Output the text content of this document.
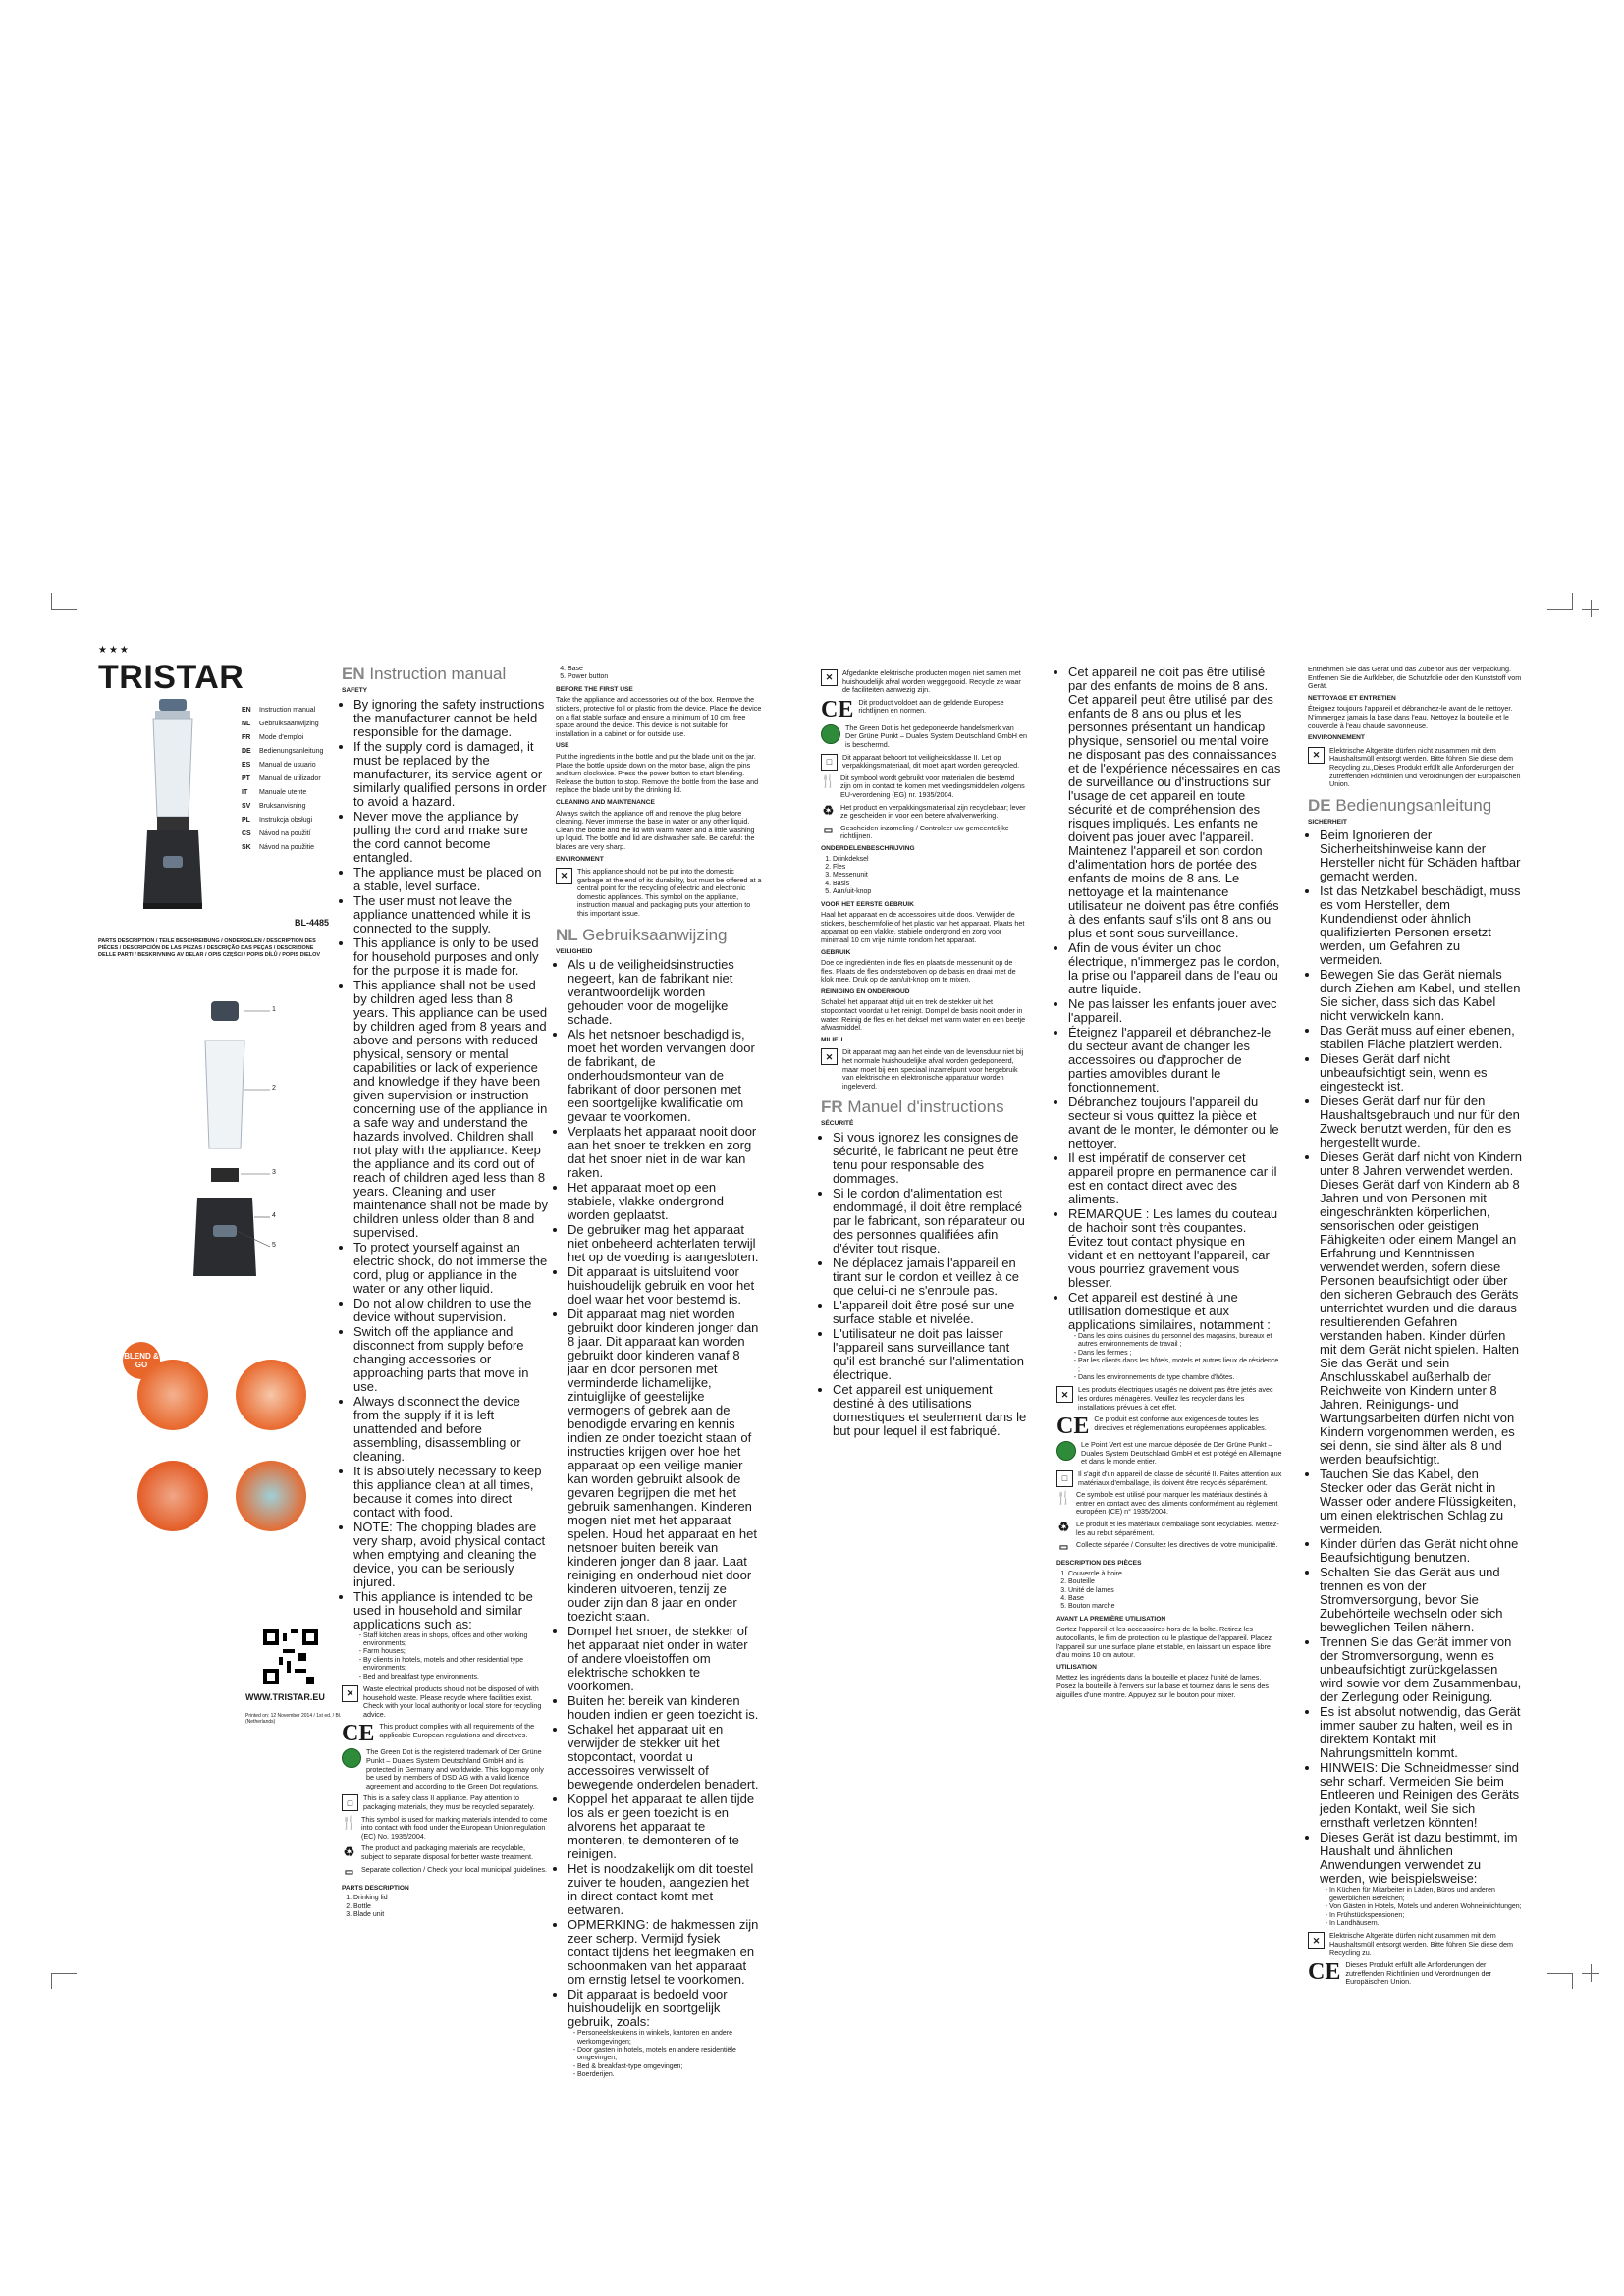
★★★
TRISTAR
BL-4485
EN	Instruction manual
NL	Gebruiksaanwijzing
FR	Mode d'emploi
DE	Bedienungsanleitung
ES	Manual de usuario
PT	Manual de utilizador
IT	Manuale utente
SV	Bruksanvisning
PL	Instrukcja obsługi
CS	Návod na použití
SK	Návod na použitie
PARTS DESCRIPTION / TEILE BESCHREIBUNG / ONDERDELEN / DESCRIPTION DES PIÈCES / DESCRIPCIÓN DE LAS PIEZAS / DESCRIÇÃO DAS PEÇAS / DESCRIZIONE DELLE PARTI / BESKRIVNING AV DELAR / OPIS CZĘŚCI / POPIS DÍLŮ / POPIS DIELOV
1
2
3
4
5
BLEND & GO
WWW.TRISTAR.EU
Printed on: 12 November 2014 / 1st ed. / Bl. (Netherlands)
EN Instruction manual
SAFETY
• By ignoring the safety instructions the manufacturer cannot be held responsible for the damage.
• If the supply cord is damaged, it must be replaced by the manufacturer, its service agent or similarly qualified persons in order to avoid a hazard.
• Never move the appliance by pulling the cord and make sure the cord cannot become entangled.
• The appliance must be placed on a stable, level surface.
• The user must not leave the appliance unattended while it is connected to the supply.
• This appliance is only to be used for household purposes and only for the purpose it is made for.
• This appliance shall not be used by children aged less than 8 years. This appliance can be used by children aged from 8 years and above and persons with reduced physical, sensory or mental capabilities or lack of experience and knowledge if they have been given supervision or instruction concerning use of the appliance in a safe way and understand the hazards involved. Children shall not play with the appliance. Keep the appliance and its cord out of reach of children aged less than 8 years. Cleaning and user maintenance shall not be made by children unless older than 8 and supervised.
• To protect yourself against an electric shock, do not immerse the cord, plug or appliance in the water or any other liquid.
• Do not allow children to use the device without supervision.
• Switch off the appliance and disconnect from supply before changing accessories or approaching parts that move in use.
• Always disconnect the device from the supply if it is left unattended and before assembling, disassembling or cleaning.
• It is absolutely necessary to keep this appliance clean at all times, because it comes into direct contact with food.
• NOTE: The chopping blades are very sharp, avoid physical contact when emptying and cleaning the device, you can be seriously injured.
• This appliance is intended to be used in household and similar applications such as:
- Staff kitchen areas in shops, offices and other working environments;
- Farm houses;
- By clients in hotels, motels and other residential type environments;
- Bed and breakfast type environments.
✕	Waste electrical products should not be disposed of with household waste. Please recycle where facilities exist. Check with your local authority or local store for recycling advice.
CE This product complies with all requirements of the applicable European regulations and directives.
The Green Dot is the registered trademark of Der Grüne Punkt – Duales System Deutschland GmbH and is protected in Germany and worldwide. This logo may only be used by members of DSD AG with a valid licence agreement and according to the Green Dot regulations.
□	This is a safety class II appliance. Pay attention to packaging materials, they must be recycled separately.
🍴 This symbol is used for marking materials intended to come into contact with food under the European Union regulation (EC) No. 1935/2004.
♻ The product and packaging materials are recyclable, subject to separate disposal for better waste treatment.
▭	Separate collection / Check your local municipal guidelines.
PARTS DESCRIPTION
1. Drinking lid
2. Bottle
3. Blade unit
4. Base
5. Power button
BEFORE THE FIRST USE

Take the appliance and accessories out of the box. Remove the stickers, protective foil or plastic from the device. Place the device on a flat stable surface and ensure a minimum of 10 cm. free space around the device. This device is not suitable for installation in a cabinet or for outside use.

USE

Put the ingredients in the bottle and put the blade unit on the jar. Place the bottle upside down on the motor base, align the pins and turn clockwise. Press the power button to start blending. Release the button to stop. Remove the bottle from the base and replace the blade unit by the drinking lid.

CLEANING AND MAINTENANCE

Always switch the appliance off and remove the plug before cleaning. Never immerse the base in water or any other liquid. Clean the bottle and the lid with warm water and a little washing up liquid. The bottle and lid are dishwasher safe. Be careful: the blades are very sharp.

ENVIRONMENT
✕	This appliance should not be put into the domestic garbage at the end of its durability, but must be offered at a central point for the recycling of electric and electronic domestic appliances. This symbol on the appliance, instruction manual and packaging puts your attention to this important issue.
NL Gebruiksaanwijzing
VEILIGHEID
• Als u de veiligheidsinstructies negeert, kan de fabrikant niet verantwoordelijk worden gehouden voor de mogelijke schade.
• Als het netsnoer beschadigd is, moet het worden vervangen door de fabrikant, de onderhoudsmonteur van de fabrikant of door personen met een soortgelijke kwalificatie om gevaar te voorkomen.
• Verplaats het apparaat nooit door aan het snoer te trekken en zorg dat het snoer niet in de war kan raken.
• Het apparaat moet op een stabiele, vlakke ondergrond worden geplaatst.
• De gebruiker mag het apparaat niet onbeheerd achterlaten terwijl het op de voeding is aangesloten.
• Dit apparaat is uitsluitend voor huishoudelijk gebruik en voor het doel waar het voor bestemd is.
• Dit apparaat mag niet worden gebruikt door kinderen jonger dan 8 jaar. Dit apparaat kan worden gebruikt door kinderen vanaf 8 jaar en door personen met verminderde lichamelijke, zintuiglijke of geestelijke vermogens of gebrek aan de benodigde ervaring en kennis indien ze onder toezicht staan of instructies krijgen over hoe het apparaat op een veilige manier kan worden gebruikt alsook de gevaren begrijpen die met het gebruik samenhangen. Kinderen mogen niet met het apparaat spelen. Houd het apparaat en het netsnoer buiten bereik van kinderen jonger dan 8 jaar. Laat reiniging en onderhoud niet door kinderen uitvoeren, tenzij ze ouder zijn dan 8 jaar en onder toezicht staan.
• Dompel het snoer, de stekker of het apparaat niet onder in water of andere vloeistoffen om elektrische schokken te voorkomen.
• Buiten het bereik van kinderen houden indien er geen toezicht is.
• Schakel het apparaat uit en verwijder de stekker uit het stopcontact, voordat u accessoires verwisselt of bewegende onderdelen benadert.
• Koppel het apparaat te allen tijde los als er geen toezicht is en alvorens het apparaat te monteren, te demonteren of te reinigen.
• Het is noodzakelijk om dit toestel zuiver te houden, aangezien het in direct contact komt met eetwaren.
• OPMERKING: de hakmessen zijn zeer scherp. Vermijd fysiek contact tijdens het leegmaken en schoonmaken van het apparaat om ernstig letsel te voorkomen.
• Dit apparaat is bedoeld voor huishoudelijk en soortgelijk gebruik, zoals:
- Personeelskeukens in winkels, kantoren en andere werkomgevingen;
- Door gasten in hotels, motels en andere residentiële omgevingen;
- Bed & breakfast-type omgevingen;
- Boerderijen.
✕	Afgedankte elektrische producten mogen niet samen met huishoudelijk afval worden weggegooid. Recycle ze waar de faciliteiten aanwezig zijn.
CE Dit product voldoet aan de geldende Europese richtlijnen en normen.
The Green Dot is het gedeponeerde handelsmerk van Der Grüne Punkt – Duales System Deutschland GmbH en is beschermd.
□	Dit apparaat behoort tot veiligheidsklasse II. Let op verpakkingsmateriaal, dit moet apart worden gerecycled.
🍴 Dit symbool wordt gebruikt voor materialen die bestemd zijn om in contact te komen met voedingsmiddelen volgens EU-verordening (EG) nr. 1935/2004.
♻ Het product en verpakkingsmateriaal zijn recyclebaar; lever ze gescheiden in voor een betere afvalverwerking.
▭	Gescheiden inzameling / Controleer uw gemeentelijke richtlijnen.
ONDERDELENBESCHRIJVING
1. Drinkdeksel
2. Fles
3. Messenunit
4. Basis
5. Aan/uit-knop
VOOR HET EERSTE GEBRUIK

Haal het apparaat en de accessoires uit de doos. Verwijder de stickers, beschermfolie of het plastic van het apparaat. Plaats het apparaat op een vlakke, stabiele ondergrond en zorg voor minimaal 10 cm vrije ruimte rondom het apparaat.

GEBRUIK

Doe de ingrediënten in de fles en plaats de messenunit op de fles. Plaats de fles ondersteboven op de basis en draai met de klok mee. Druk op de aan/uit-knop om te mixen.

REINIGING EN ONDERHOUD

Schakel het apparaat altijd uit en trek de stekker uit het stopcontact voordat u het reinigt. Dompel de basis nooit onder in water. Reinig de fles en het deksel met warm water en een beetje afwasmiddel.

MILIEU
✕	Dit apparaat mag aan het einde van de levensduur niet bij het normale huishoudelijke afval worden gedeponeerd, maar moet bij een speciaal inzamelpunt voor hergebruik van elektrische en elektronische apparatuur worden ingeleverd.
FR Manuel d'instructions
SÉCURITÉ
• Si vous ignorez les consignes de sécurité, le fabricant ne peut être tenu pour responsable des dommages.
• Si le cordon d'alimentation est endommagé, il doit être remplacé par le fabricant, son réparateur ou des personnes qualifiées afin d'éviter tout risque.
• Ne déplacez jamais l'appareil en tirant sur le cordon et veillez à ce que celui-ci ne s'enroule pas.
• L'appareil doit être posé sur une surface stable et nivelée.
• L'utilisateur ne doit pas laisser l'appareil sans surveillance tant qu'il est branché sur l'alimentation électrique.
• Cet appareil est uniquement destiné à des utilisations domestiques et seulement dans le but pour lequel il est fabriqué.
• Cet appareil ne doit pas être utilisé par des enfants de moins de 8 ans. Cet appareil peut être utilisé par des enfants de 8 ans ou plus et les personnes présentant un handicap physique, sensoriel ou mental voire ne disposant pas des connaissances et de l'expérience nécessaires en cas de surveillance ou d'instructions sur l'usage de cet appareil en toute sécurité et de compréhension des risques impliqués. Les enfants ne doivent pas jouer avec l'appareil. Maintenez l'appareil et son cordon d'alimentation hors de portée des enfants de moins de 8 ans. Le nettoyage et la maintenance utilisateur ne doivent pas être confiés à des enfants sauf s'ils ont 8 ans ou plus et sont sous surveillance.
• Afin de vous éviter un choc électrique, n'immergez pas le cordon, la prise ou l'appareil dans de l'eau ou autre liquide.
• Ne pas laisser les enfants jouer avec l'appareil.
• Éteignez l'appareil et débranchez-le du secteur avant de changer les accessoires ou d'approcher de parties amovibles durant le fonctionnement.
• Débranchez toujours l'appareil du secteur si vous quittez la pièce et avant de le monter, le démonter ou le nettoyer.
• Il est impératif de conserver cet appareil propre en permanence car il est en contact direct avec des aliments.
• REMARQUE : Les lames du couteau de hachoir sont très coupantes. Évitez tout contact physique en vidant et en nettoyant l'appareil, car vous pourriez gravement vous blesser.
• Cet appareil est destiné à une utilisation domestique et aux applications similaires, notamment :
- Dans les coins cuisines du personnel des magasins, bureaux et autres environnements de travail ;
- Dans les fermes ;
- Par les clients dans les hôtels, motels et autres lieux de résidence ;
- Dans les environnements de type chambre d'hôtes.
✕	Les produits électriques usagés ne doivent pas être jetés avec les ordures ménagères. Veuillez les recycler dans les installations prévues à cet effet.
CE Ce produit est conforme aux exigences de toutes les directives et réglementations européennes applicables.
Le Point Vert est une marque déposée de Der Grüne Punkt – Duales System Deutschland GmbH et est protégé en Allemagne et dans le monde entier.
□	Il s'agit d'un appareil de classe de sécurité II. Faites attention aux matériaux d'emballage, ils doivent être recyclés séparément.
🍴 Ce symbole est utilisé pour marquer les matériaux destinés à entrer en contact avec des aliments conformément au règlement européen (CE) n° 1935/2004.
♻ Le produit et les matériaux d'emballage sont recyclables. Mettez-les au rebut séparément.
▭	Collecte séparée / Consultez les directives de votre municipalité.
DESCRIPTION DES PIÈCES
1. Couvercle à boire
2. Bouteille
3. Unité de lames
4. Base
5. Bouton marche
AVANT LA PREMIÈRE UTILISATION

Sortez l'appareil et les accessoires hors de la boîte. Retirez les autocollants, le film de protection ou le plastique de l'appareil. Placez l'appareil sur une surface plane et stable, en laissant un espace libre d'au moins 10 cm autour.

UTILISATION

Mettez les ingrédients dans la bouteille et placez l'unité de lames. Posez la bouteille à l'envers sur la base et tournez dans le sens des aiguilles d'une montre. Appuyez sur le bouton pour mixer.

Entnehmen Sie das Gerät und das Zubehör aus der Verpackung. Entfernen Sie die Aufkleber, die Schutzfolie oder den Kunststoff vom Gerät.

NETTOYAGE ET ENTRETIEN

Éteignez toujours l'appareil et débranchez-le avant de le nettoyer. N'immergez jamais la base dans l'eau. Nettoyez la bouteille et le couvercle à l'eau chaude savonneuse.

ENVIRONNEMENT
✕	Elektrische Altgeräte dürfen nicht zusammen mit dem Haushaltsmüll entsorgt werden. Bitte führen Sie diese dem Recycling zu.,Dieses Produkt erfüllt alle Anforderungen der zutreffenden Richtlinien und Verordnungen der Europäischen Union.
DE Bedienungsanleitung
SICHERHEIT
• Beim Ignorieren der Sicherheitshinweise kann der Hersteller nicht für Schäden haftbar gemacht werden.
• Ist das Netzkabel beschädigt, muss es vom Hersteller, dem Kundendienst oder ähnlich qualifizierten Personen ersetzt werden, um Gefahren zu vermeiden.
• Bewegen Sie das Gerät niemals durch Ziehen am Kabel, und stellen Sie sicher, dass sich das Kabel nicht verwickeln kann.
• Das Gerät muss auf einer ebenen, stabilen Fläche platziert werden.
• Dieses Gerät darf nicht unbeaufsichtigt sein, wenn es eingesteckt ist.
• Dieses Gerät darf nur für den Haushaltsgebrauch und nur für den Zweck benutzt werden, für den es hergestellt wurde.
• Dieses Gerät darf nicht von Kindern unter 8 Jahren verwendet werden. Dieses Gerät darf von Kindern ab 8 Jahren und von Personen mit eingeschränkten körperlichen, sensorischen oder geistigen Fähigkeiten oder einem Mangel an Erfahrung und Kenntnissen verwendet werden, sofern diese Personen beaufsichtigt oder über den sicheren Gebrauch des Geräts unterrichtet wurden und die daraus resultierenden Gefahren verstanden haben. Kinder dürfen mit dem Gerät nicht spielen. Halten Sie das Gerät und sein Anschlusskabel außerhalb der Reichweite von Kindern unter 8 Jahren. Reinigungs- und Wartungsarbeiten dürfen nicht von Kindern vorgenommen werden, es sei denn, sie sind älter als 8 und werden beaufsichtigt.
• Tauchen Sie das Kabel, den Stecker oder das Gerät nicht in Wasser oder andere Flüssigkeiten, um einen elektrischen Schlag zu vermeiden.
• Kinder dürfen das Gerät nicht ohne Beaufsichtigung benutzen.
• Schalten Sie das Gerät aus und trennen es von der Stromversorgung, bevor Sie Zubehörteile wechseln oder sich beweglichen Teilen nähern.
• Trennen Sie das Gerät immer von der Stromversorgung, wenn es unbeaufsichtigt zurückgelassen wird sowie vor dem Zusammenbau, der Zerlegung oder Reinigung.
• Es ist absolut notwendig, das Gerät immer sauber zu halten, weil es in direktem Kontakt mit Nahrungsmitteln kommt.
• HINWEIS: Die Schneidmesser sind sehr scharf. Vermeiden Sie beim Entleeren und Reinigen des Geräts jeden Kontakt, weil Sie sich ernsthaft verletzen könnten!
• Dieses Gerät ist dazu bestimmt, im Haushalt und ähnlichen Anwendungen verwendet zu werden, wie beispielsweise:
- In Küchen für Mitarbeiter in Läden, Büros und anderen gewerblichen Bereichen;
- Von Gästen in Hotels, Motels und anderen Wohneinrichtungen;
- In Frühstückspensionen;
- In Landhäusern.
✕	Elektrische Altgeräte dürfen nicht zusammen mit dem Haushaltsmüll entsorgt werden. Bitte führen Sie diese dem Recycling zu.
CE Dieses Produkt erfüllt alle Anforderungen der zutreffenden Richtlinien und Verordnungen der Europäischen Union.
